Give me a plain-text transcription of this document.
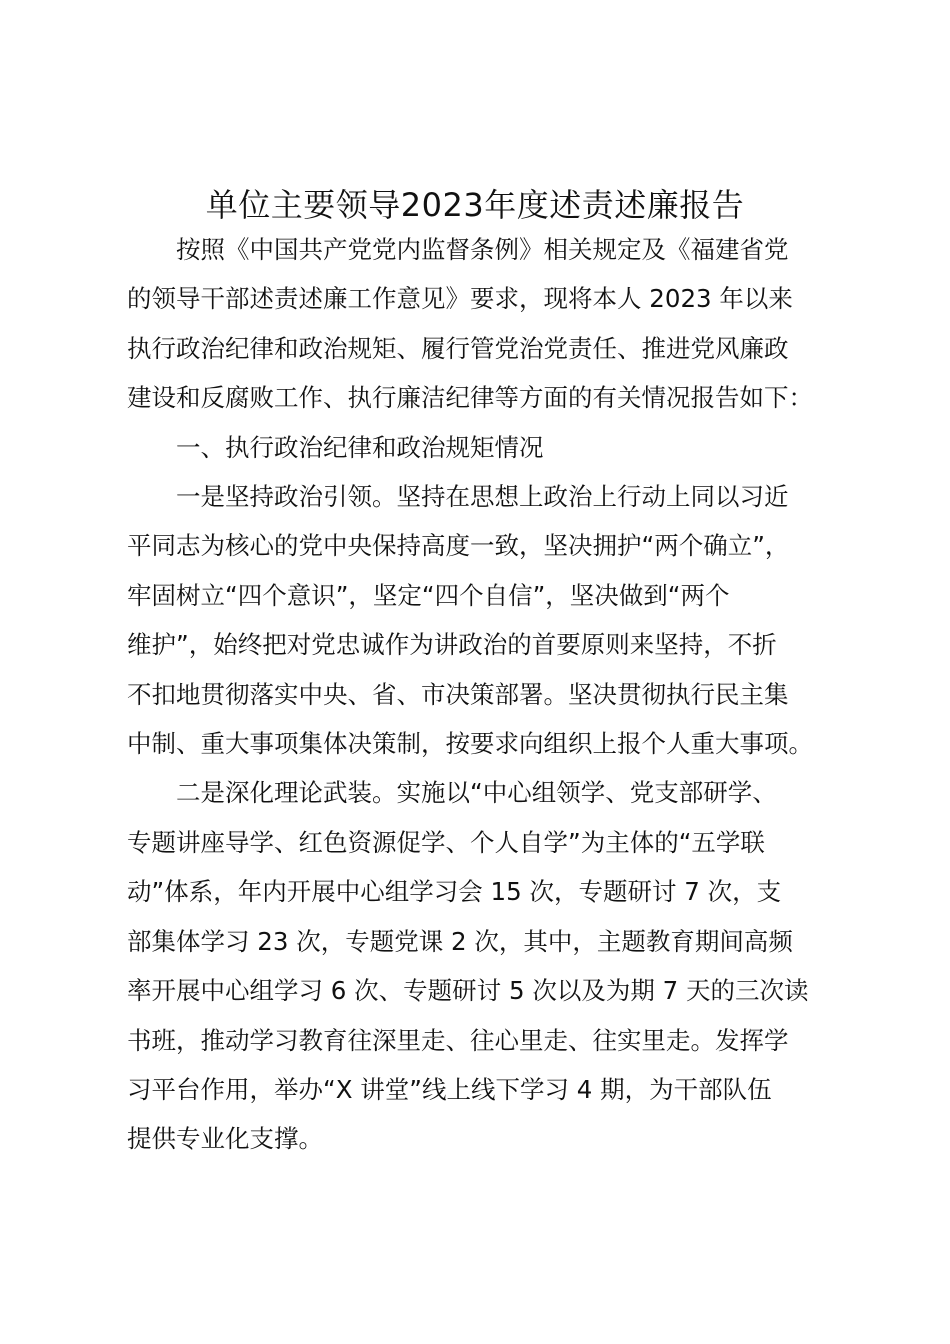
单位主要领导2023年度述责述廉报告
按照《中国共产党党内监督条例》相关规定及《福建省党
的领导干部述责述廉工作意见》要求，现将本人 2023 年以来
执行政治纪律和政治规矩、履行管党治党责任、推进党风廉政
建设和反腐败工作、执行廉洁纪律等方面的有关情况报告如下：
一、执行政治纪律和政治规矩情况
一是坚持政治引领。坚持在思想上政治上行动上同以习近
平同志为核心的党中央保持高度一致，坚决拥护“两个确立”，
牢固树立“四个意识”，坚定“四个自信”，坚决做到“两个
维护”，始终把对党忠诚作为讲政治的首要原则来坚持，不折
不扣地贯彻落实中央、省、市决策部署。坚决贯彻执行民主集
中制、重大事项集体决策制，按要求向组织上报个人重大事项。
二是深化理论武装。实施以“中心组领学、党支部研学、
专题讲座导学、红色资源促学、个人自学”为主体的“五学联
动”体系，年内开展中心组学习会 15 次，专题研讨 7 次，支
部集体学习 23 次，专题党课 2 次，其中，主题教育期间高频
率开展中心组学习 6 次、专题研讨 5 次以及为期 7 天的三次读
书班，推动学习教育往深里走、往心里走、往实里走。发挥学
习平台作用，举办“X 讲堂”线上线下学习 4 期，为干部队伍
提供专业化支撑。
